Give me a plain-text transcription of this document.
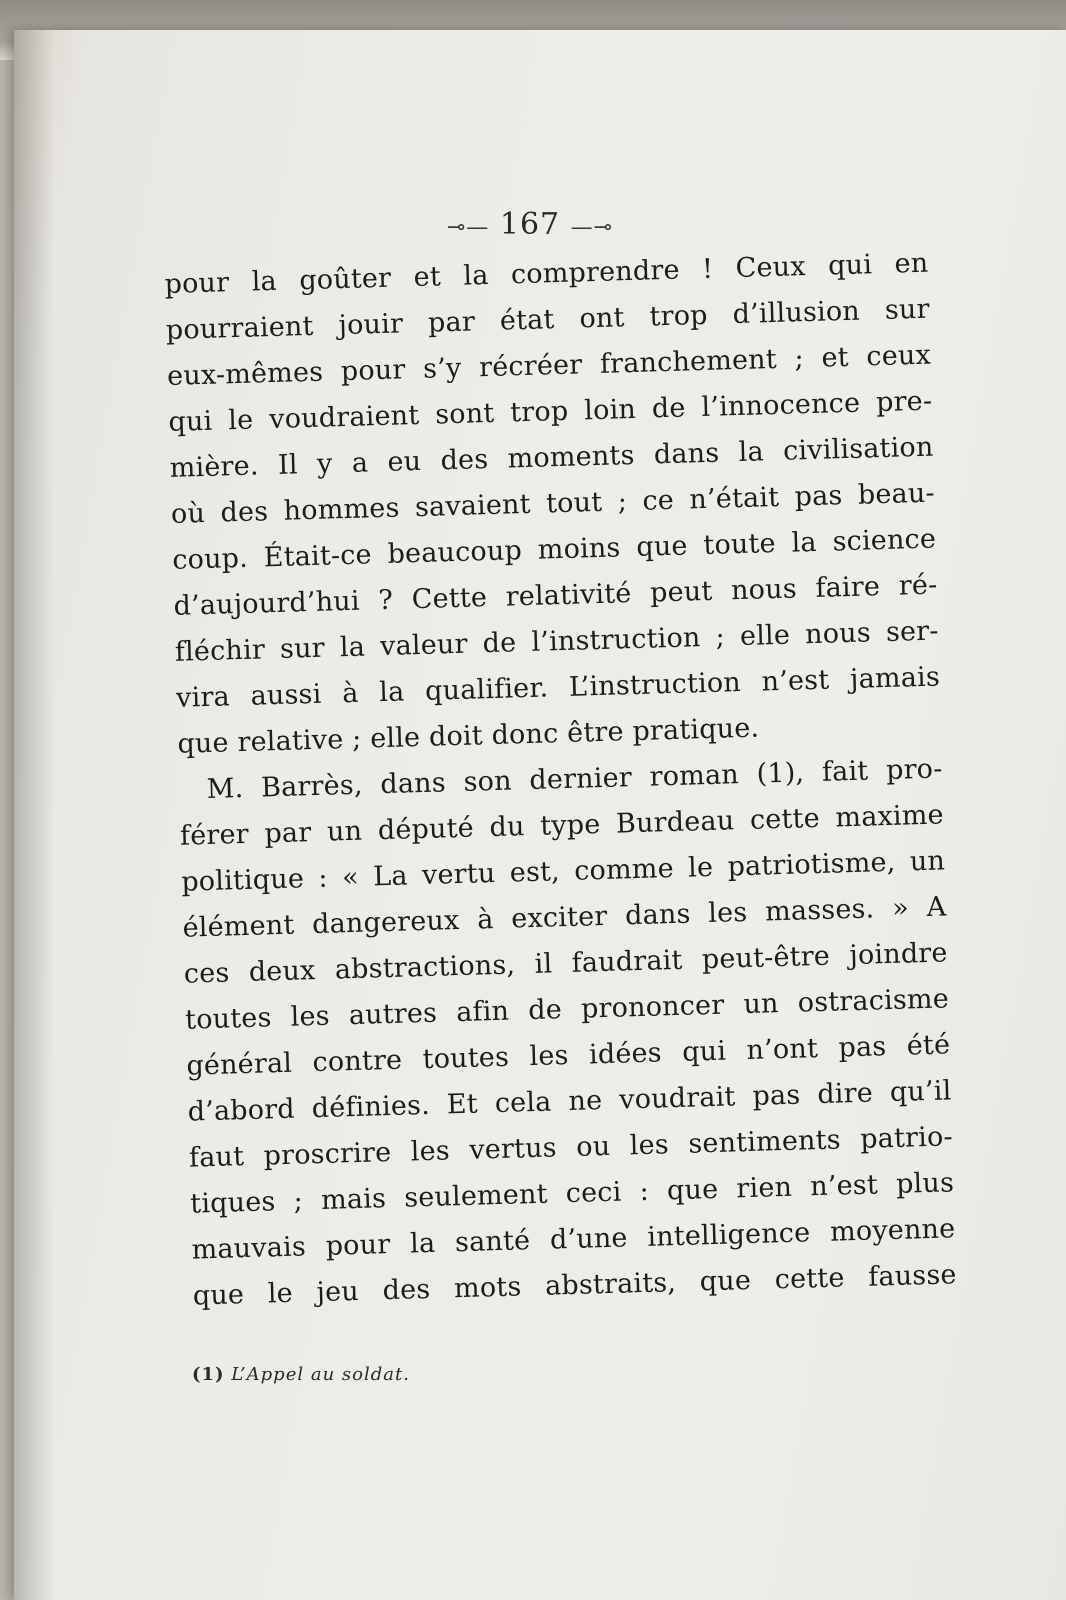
⊸— 167 —⊸
pour la goûter et la comprendre ! Ceux qui en
pourraient jouir par état ont trop d’illusion sur
eux-mêmes pour s’y récréer franchement ; et ceux
qui le voudraient sont trop loin de l’innocence pre-
mière. Il y a eu des moments dans la civilisation
où des hommes savaient tout ; ce n’était pas beau-
coup. Était-ce beaucoup moins que toute la science
d’aujourd’hui ? Cette relativité peut nous faire ré-
fléchir sur la valeur de l’instruction ; elle nous ser-
vira aussi à la qualifier. L’instruction n’est jamais
que relative ; elle doit donc être pratique.
M. Barrès, dans son dernier roman (1), fait pro-
férer par un député du type Burdeau cette maxime
politique : « La vertu est, comme le patriotisme, un
élément dangereux à exciter dans les masses. » A
ces deux abstractions, il faudrait peut-être joindre
toutes les autres afin de prononcer un ostracisme
général contre toutes les idées qui n’ont pas été
d’abord définies. Et cela ne voudrait pas dire qu’il
faut proscrire les vertus ou les sentiments patrio-
tiques ; mais seulement ceci : que rien n’est plus
mauvais pour la santé d’une intelligence moyenne
que le jeu des mots abstraits, que cette fausse
(1) L’Appel au soldat.
